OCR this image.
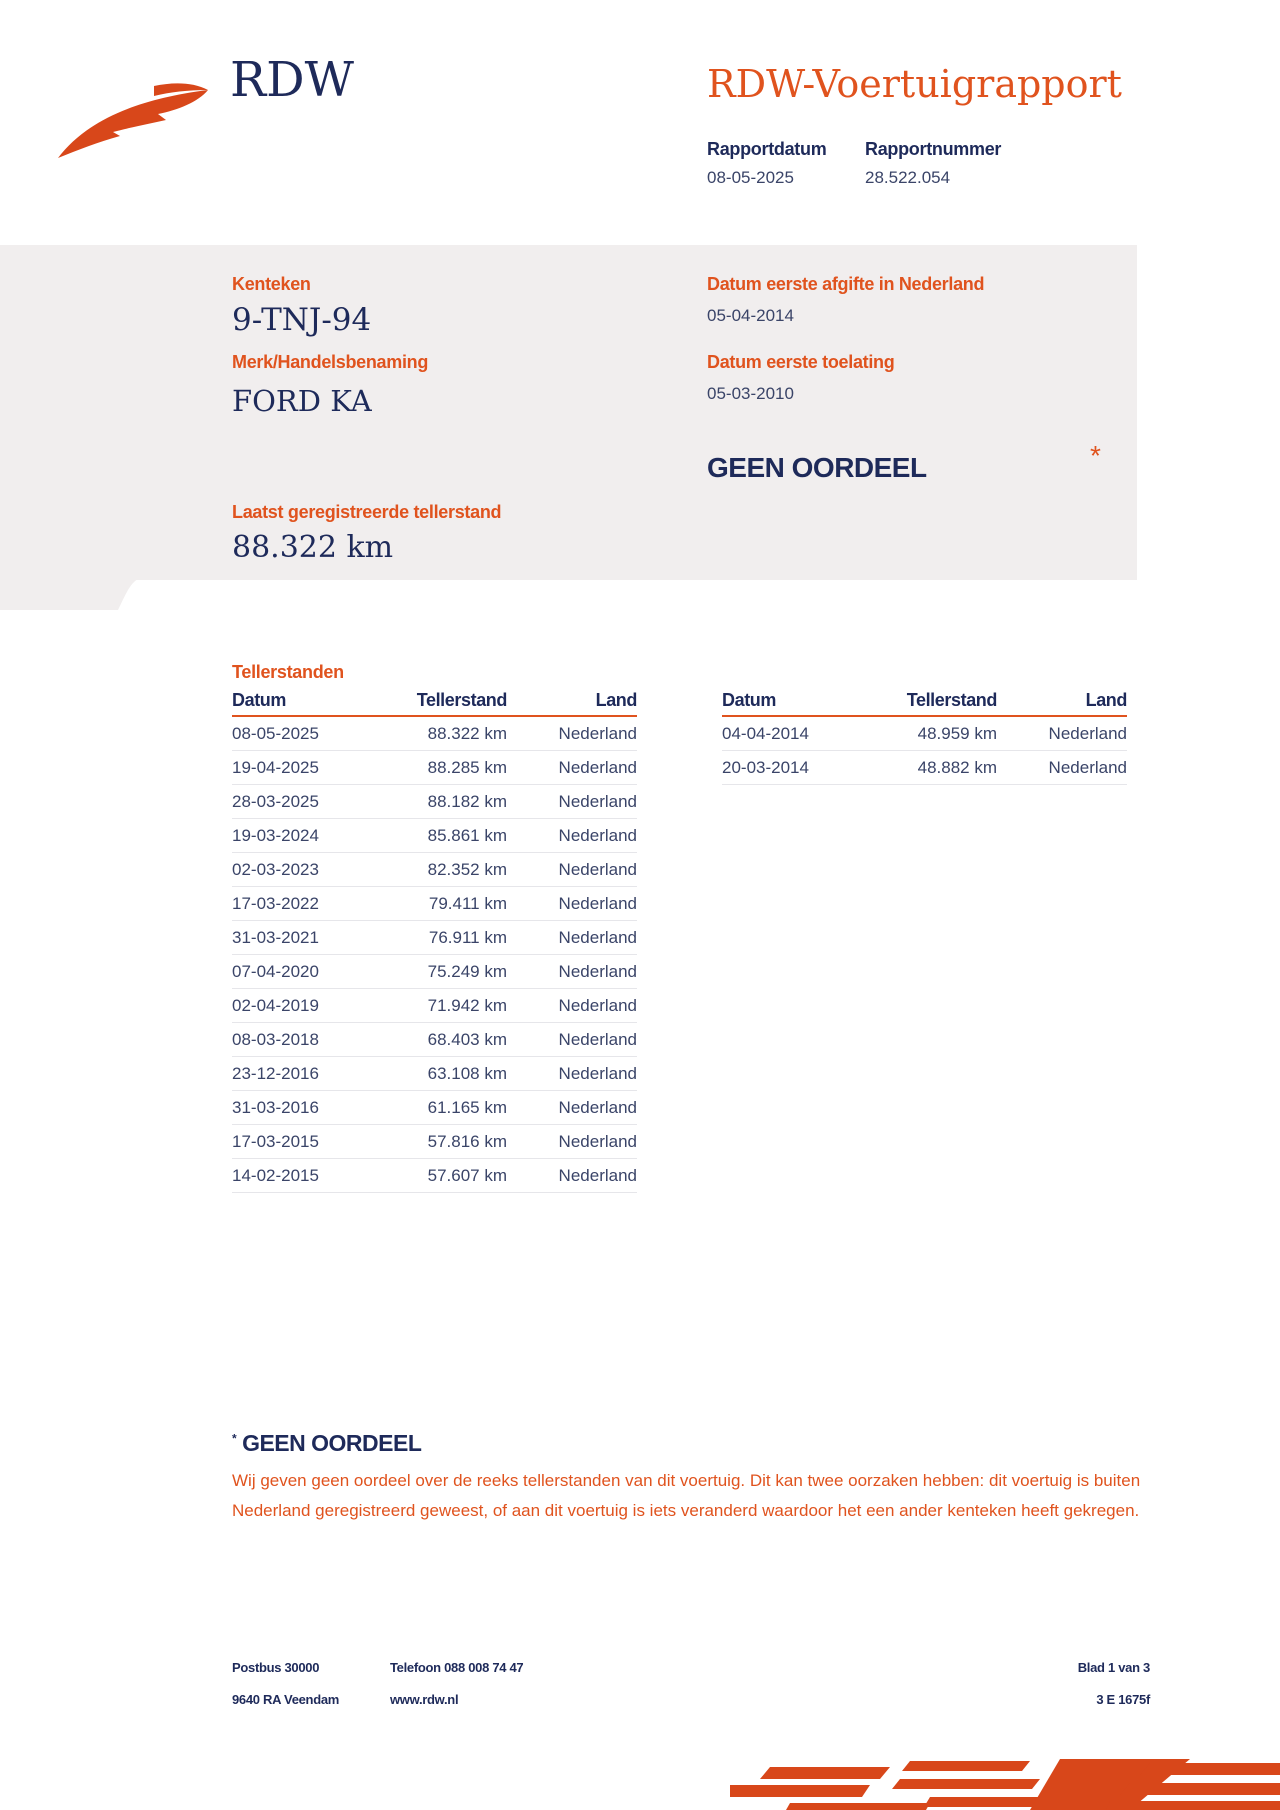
RDW	RDW-Voertuigrapport
Rapportdatum
08-05-2025
Rapportnummer
28.522.054
Kenteken
9-TNJ-94
Merk/Handelsbenaming
FORD KA
Datum eerste afgifte in Nederland
05-04-2014
Datum eerste toelating
05-03-2010
GEEN OORDEEL	*
Laatst geregistreerde tellerstand
88.322 km
Tellerstanden
Datum	Tellerstand	Land
08-05-2025	88.322 km	Nederland
19-04-2025	88.285 km	Nederland
28-03-2025	88.182 km	Nederland
19-03-2024	85.861 km	Nederland
02-03-2023	82.352 km	Nederland
17-03-2022	79.411 km	Nederland
31-03-2021	76.911 km	Nederland
07-04-2020	75.249 km	Nederland
02-04-2019	71.942 km	Nederland
08-03-2018	68.403 km	Nederland
23-12-2016	63.108 km	Nederland
31-03-2016	61.165 km	Nederland
17-03-2015	57.816 km	Nederland
14-02-2015	57.607 km	Nederland
Datum	Tellerstand	Land
04-04-2014	48.959 km	Nederland
20-03-2014	48.882 km	Nederland
* GEEN OORDEEL
Wij geven geen oordeel over de reeks tellerstanden van dit voertuig. Dit kan twee oorzaken hebben: dit voertuig is buiten Nederland geregistreerd geweest, of aan dit voertuig is iets veranderd waardoor het een ander kenteken heeft gekregen.
Postbus 30000
9640 RA Veendam
Telefoon 088 008 74 47
www.rdw.nl
Blad 1 van 3
3 E 1675f
